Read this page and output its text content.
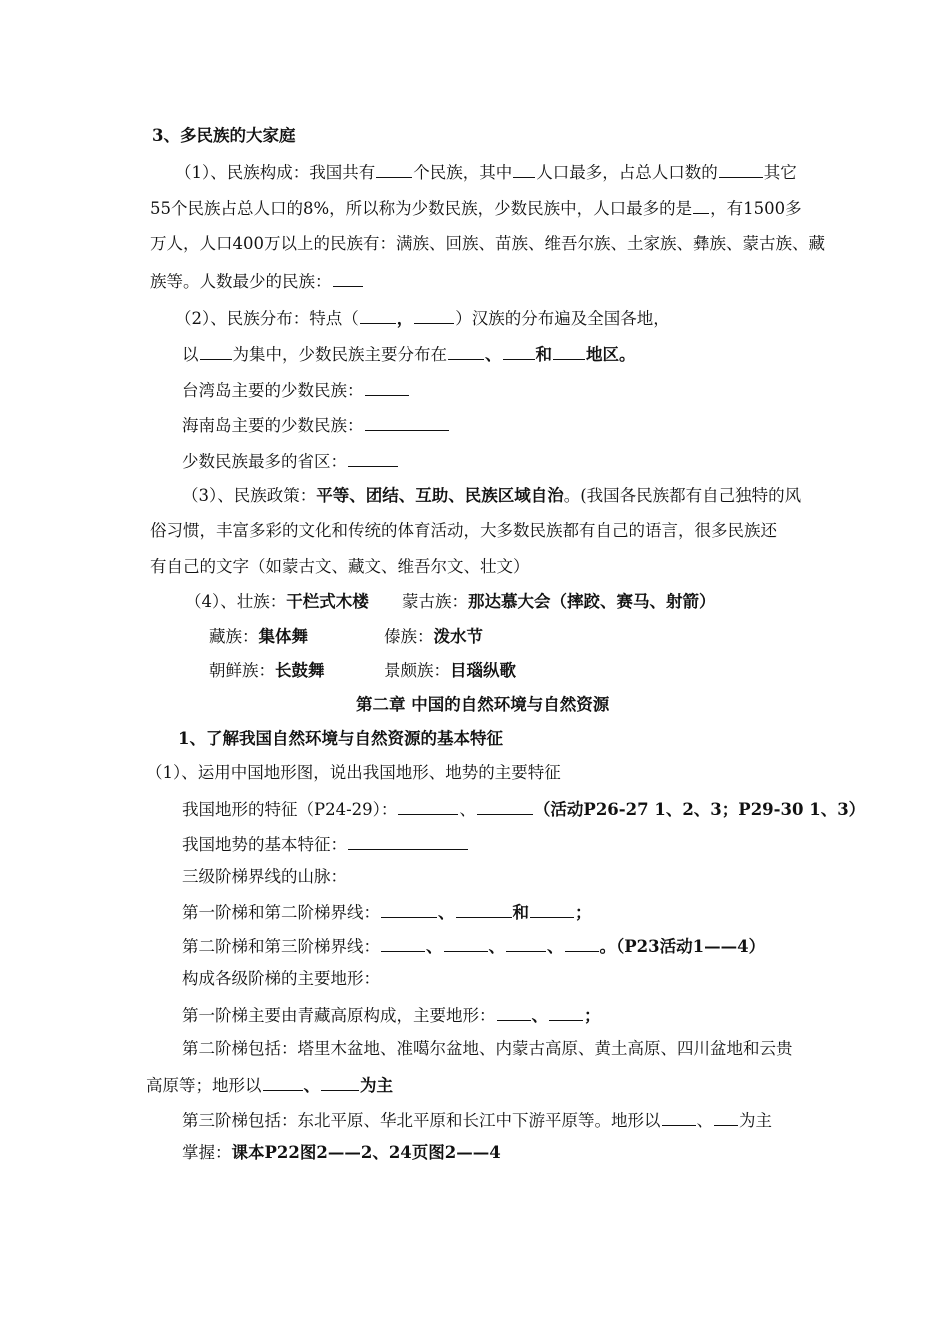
3、多民族的大家庭
（1）、民族构成：我国共有 个民族，其中 人口最多，占总人口数的	其它
55个民族占总人口的8%，所以称为少数民族，少数民族中，人口最多的是 ，有1500多
万人，人口400万以上的民族有：满族、回族、苗族、维吾尔族、土家族、彝族、蒙古族、藏
族等。人数最少的民族：
（2）、民族分布：特点（ ，	）汉族的分布遍及全国各地，
以 为集中，少数民族主要分布在 、 和 地区。
台湾岛主要的少数民族：
海南岛主要的少数民族：
少数民族最多的省区：
（3）、民族政策：平等、团结、互助、民族区域自治。(我国各民族都有自己独特的风
俗习惯，丰富多彩的文化和传统的体育活动，大多数民族都有自己的语言，很多民族还
有自己的文字（如蒙古文、藏文、维吾尔文、壮文）
（4）、壮族：干栏式木楼 蒙古族：那达慕大会（摔跤、赛马、射箭）
藏族：集体舞	傣族：泼水节
朝鲜族：长鼓舞	景颇族：目瑙纵歌
第二章 中国的自然环境与自然资源
1、了解我国自然环境与自然资源的基本特征
（1）、运用中国地形图，说出我国地形、地势的主要特征
我国地形的特征（P24-29）：	、	（活动P26-27 1、2、3；P29-30 1、3）
我国地势的基本特征：
三级阶梯界线的山脉：
第一阶梯和第二阶梯界线：	、	和	；
第二阶梯和第三阶梯界线：	、	、	、 。（P23活动1——4）
构成各级阶梯的主要地形：
第一阶梯主要由青藏高原构成，主要地形： 、 ；
第二阶梯包括：塔里木盆地、准噶尔盆地、内蒙古高原、黄土高原、四川盆地和云贵
高原等；地形以	、 为主
第三阶梯包括：东北平原、华北平原和长江中下游平原等。地形以 、 为主
掌握：课本P22图2——2、24页图2——4
